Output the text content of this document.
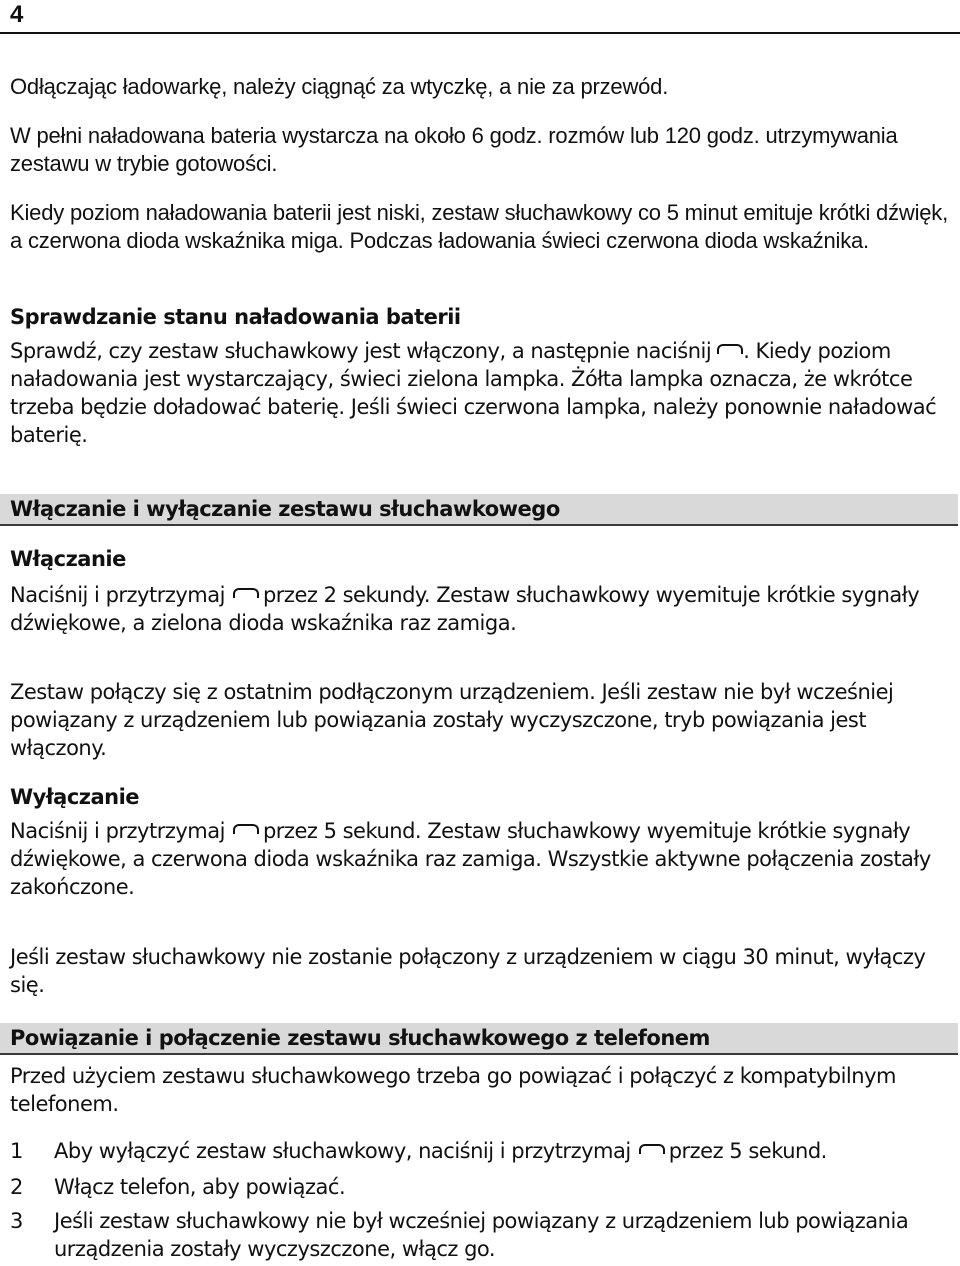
4

Odłączając ładowarkę, należy ciągnąć za wtyczkę, a nie za przewód.

W pełni naładowana bateria wystarcza na około 6 godz. rozmów lub 120 godz. utrzymywania zestawu w trybie gotowości.

Kiedy poziom naładowania baterii jest niski, zestaw słuchawkowy co 5 minut emituje krótki dźwięk, a czerwona dioda wskaźnika miga. Podczas ładowania świeci czerwona dioda wskaźnika.

Sprawdzanie stanu naładowania baterii

Sprawdź, czy zestaw słuchawkowy jest włączony, a następnie naciśnij . Kiedy poziom naładowania jest wystarczający, świeci zielona lampka. Żółta lampka oznacza, że wkrótce trzeba będzie doładować baterię. Jeśli świeci czerwona lampka, należy ponownie naładować baterię.

Włączanie i wyłączanie zestawu słuchawkowego
Włączanie

Naciśnij i przytrzymaj przez 2 sekundy. Zestaw słuchawkowy wyemituje krótkie sygnały dźwiękowe, a zielona dioda wskaźnika raz zamiga.

Zestaw połączy się z ostatnim podłączonym urządzeniem. Jeśli zestaw nie był wcześniej powiązany z urządzeniem lub powiązania zostały wyczyszczone, tryb powiązania jest włączony.

Wyłączanie

Naciśnij i przytrzymaj przez 5 sekund. Zestaw słuchawkowy wyemituje krótkie sygnały dźwiękowe, a czerwona dioda wskaźnika raz zamiga. Wszystkie aktywne połączenia zostały zakończone.

Jeśli zestaw słuchawkowy nie zostanie połączony z urządzeniem w ciągu 30 minut, wyłączy się.

Powiązanie i połączenie zestawu słuchawkowego z telefonem

Przed użyciem zestawu słuchawkowego trzeba go powiązać i połączyć z kompatybilnym telefonem.

1 Aby wyłączyć zestaw słuchawkowy, naciśnij i przytrzymaj przez 5 sekund.
2 Włącz telefon, aby powiązać.
3 Jeśli zestaw słuchawkowy nie był wcześniej powiązany z urządzeniem lub powiązania urządzenia zostały wyczyszczone, włącz go.
